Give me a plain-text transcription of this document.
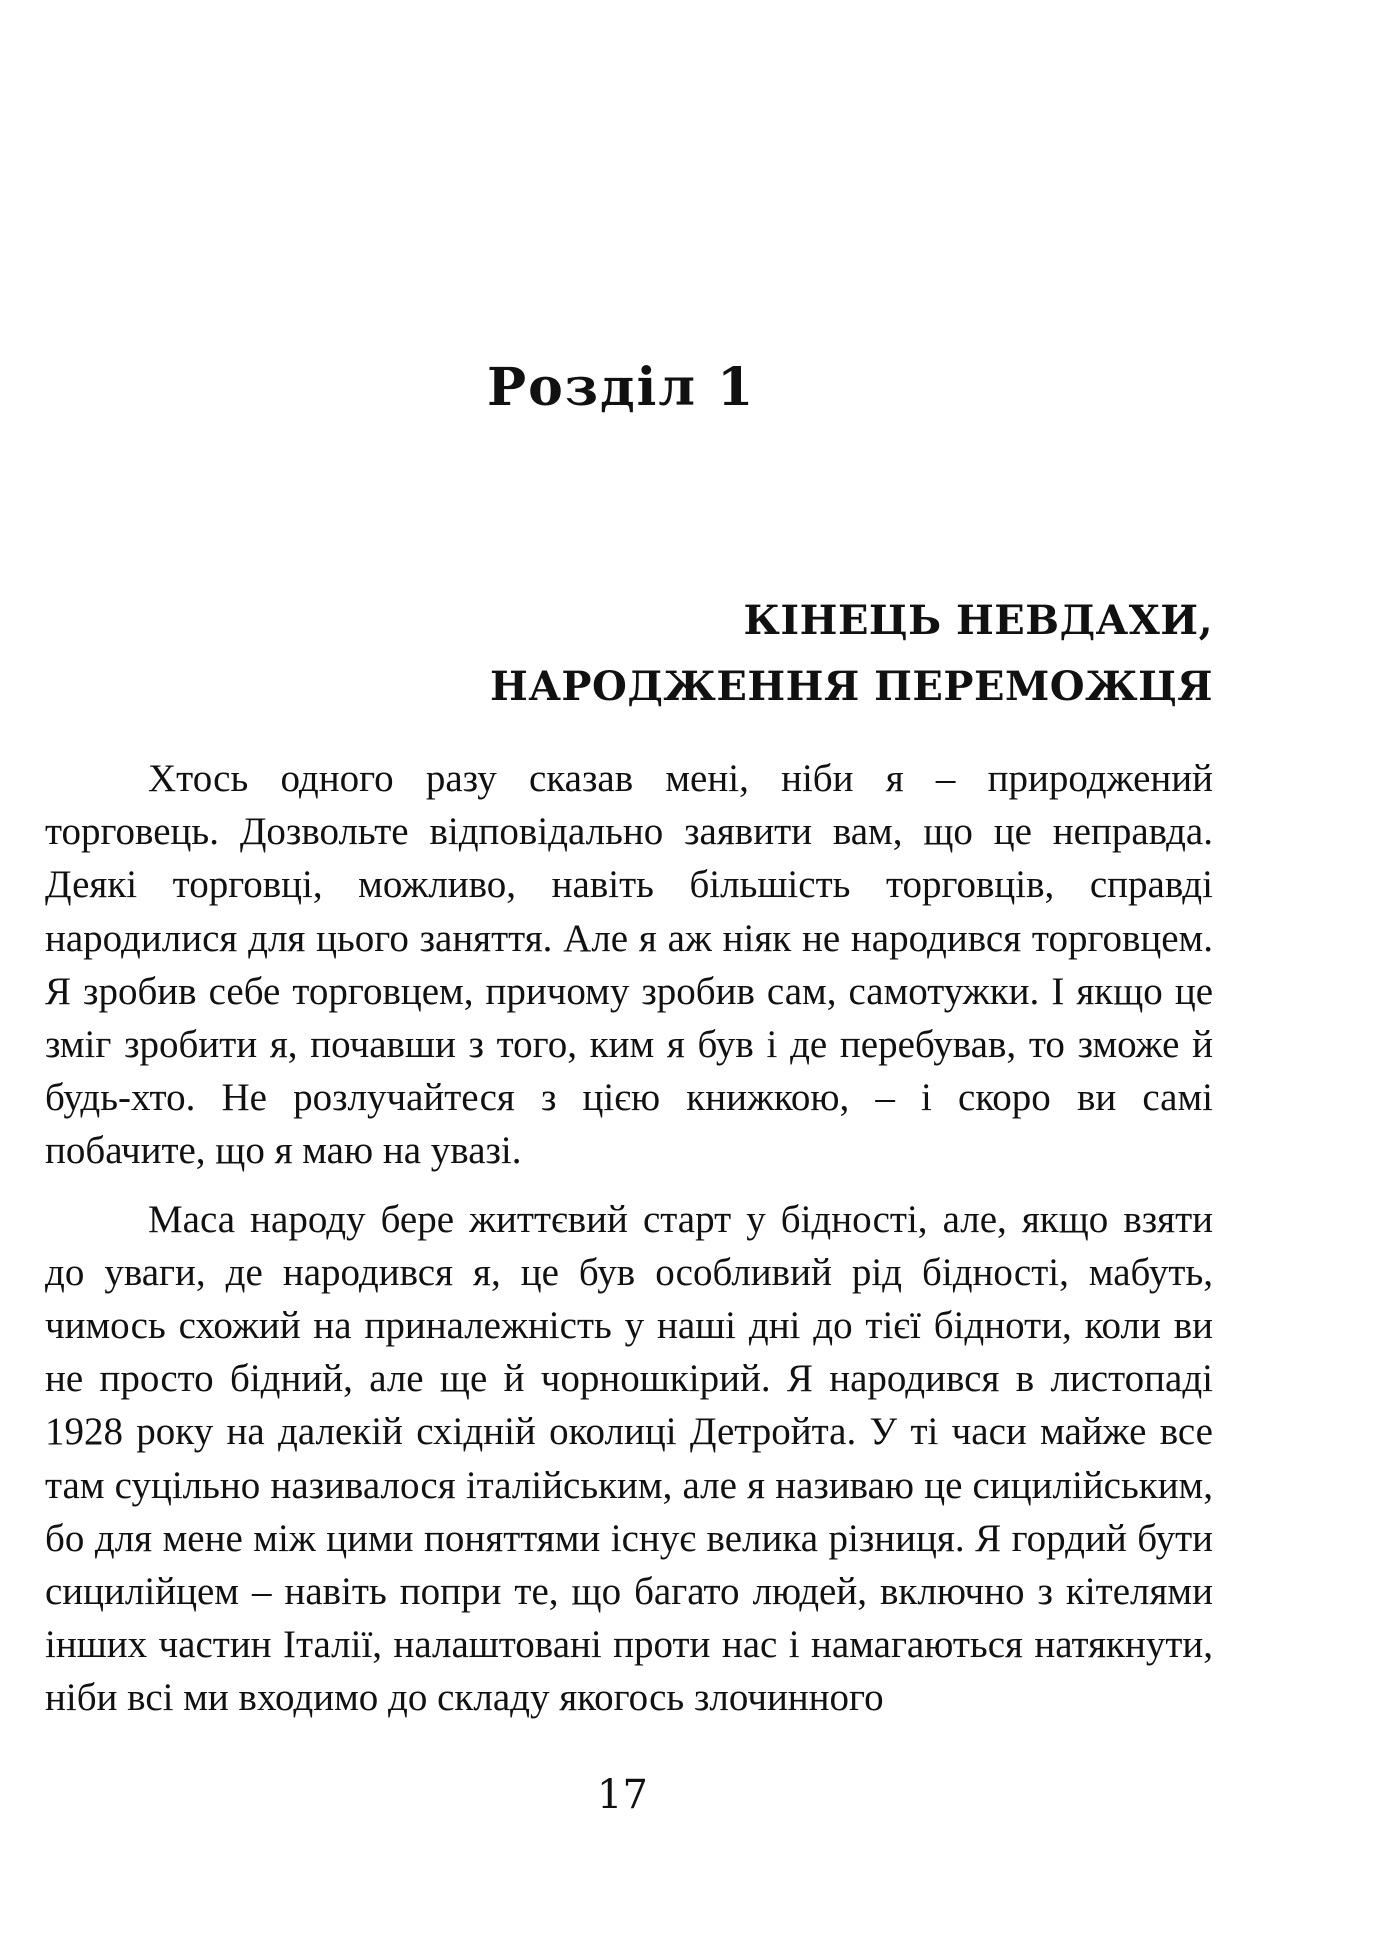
Розділ 1
КІНЕЦЬ НЕВДАХИ,
НАРОДЖЕННЯ ПЕРЕМОЖЦЯ

Хтось одного разу сказав мені, ніби я – природжений торговець. Дозвольте відповідально заявити вам, що це неправда. Деякі торговці, можливо, навіть більшість торговців, справді народилися для цього заняття. Але я аж ніяк не народився торговцем. Я зробив себе торговцем, причому зробив сам, самотужки. І якщо це зміг зробити я, почавши з того, ким я був і де перебував, то зможе й будь-хто. Не розлучайтеся з цією книжкою, – і скоро ви самі побачите, що я маю на увазі.

Маса народу бере життєвий старт у бідності, але, якщо взяти до уваги, де народився я, це був особливий рід бідності, мабуть, чимось схожий на приналежність у наші дні до тієї бідноти, коли ви не просто бідний, але ще й чорношкірий. Я народився в листопаді 1928 року на далекій східній околиці Детройта. У ті часи майже все там суцільно називалося італійським, але я називаю це сицилійським, бо для мене між цими поняттями існує велика різниця. Я гордий бути сицилійцем – навіть попри те, що багато людей, включно з кітелями інших частин Італії, налаштовані проти нас і намагаються натякнути, ніби всі ми входимо до складу якогось злочинного

17
